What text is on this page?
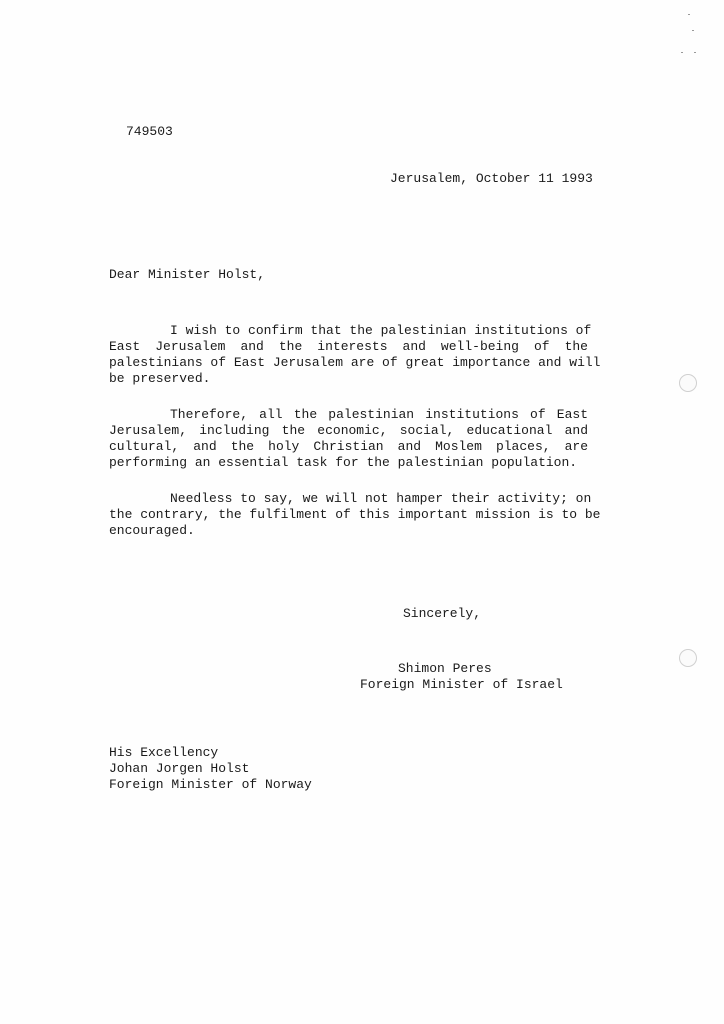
749503
Jerusalem, October 11 1993
Dear Minister Holst,
I wish to confirm that the palestinian institutions of
East Jerusalem and the interests and well-being of the
palestinians of East Jerusalem are of great importance and will
be preserved.
Therefore, all the palestinian institutions of East
Jerusalem, including the economic, social, educational and
cultural, and the holy Christian and Moslem places, are
performing an essential task for the palestinian population.
Needless to say, we will not hamper their activity; on
the contrary, the fulfilment of this important mission is to be
encouraged.
Sincerely,
Shimon Peres
Foreign Minister of Israel
His Excellency
Johan Jorgen Holst
Foreign Minister of Norway
